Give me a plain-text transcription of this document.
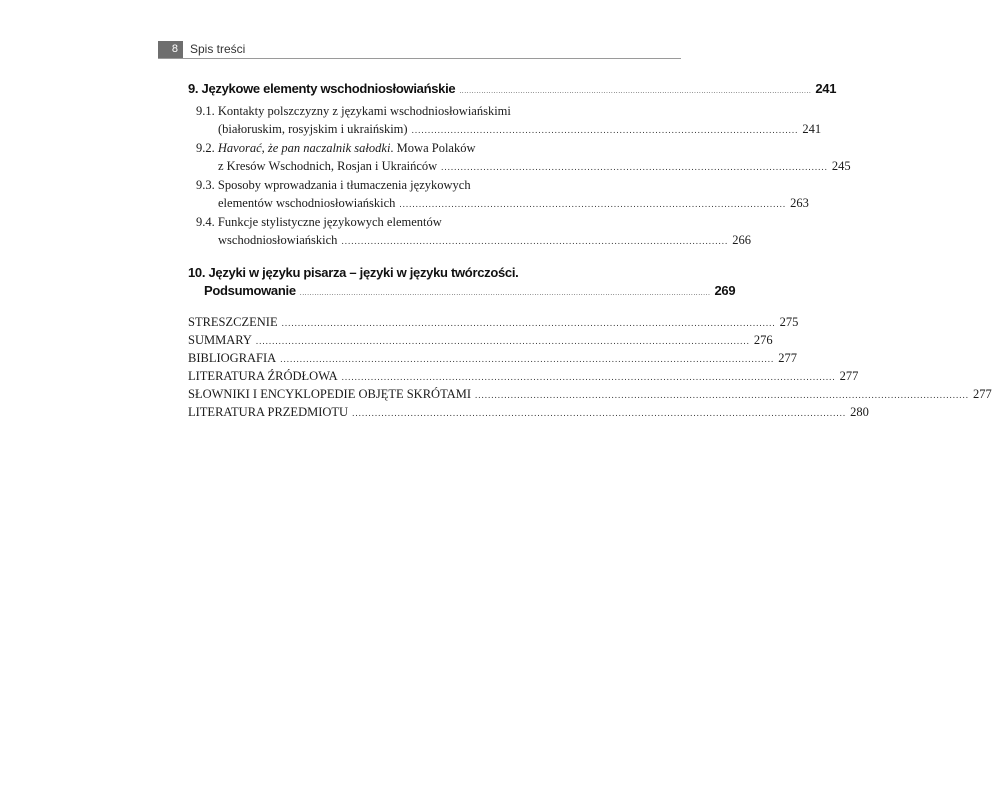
8	Spis treści
9. Językowe elementy wschodniosłowiańskie ................................................................................................................................................ 241
9.1. Kontakty polszczyzny z językami wschodniosłowiańskimi
(białoruskim, rosyjskim i ukraińskim) ....................................................................................................................... 241
9.2. Havorać, że pan naczalnik sałodki. Mowa Polaków
z Kresów Wschodnich, Rosjan i Ukraińców ....................................................................................................................... 245
9.3. Sposoby wprowadzania i tłumaczenia językowych
elementów wschodniosłowiańskich ....................................................................................................................... 263
9.4. Funkcje stylistyczne językowych elementów
wschodniosłowiańskich ....................................................................................................................... 266
10. Języki w języku pisarza – języki w języku twórczości.
Podsumowanie ........................................................................................................................................................................ 269
STRESZCZENIE ........................................................................................................................................................ 275
SUMMARY ........................................................................................................................................................ 276
BIBLIOGRAFIA ........................................................................................................................................................ 277
LITERATURA ŹRÓDŁOWA ........................................................................................................................................................ 277
SŁOWNIKI I ENCYKLOPEDIE OBJĘTE SKRÓTAMI ........................................................................................................................................................ 277
LITERATURA PRZEDMIOTU ........................................................................................................................................................ 280
